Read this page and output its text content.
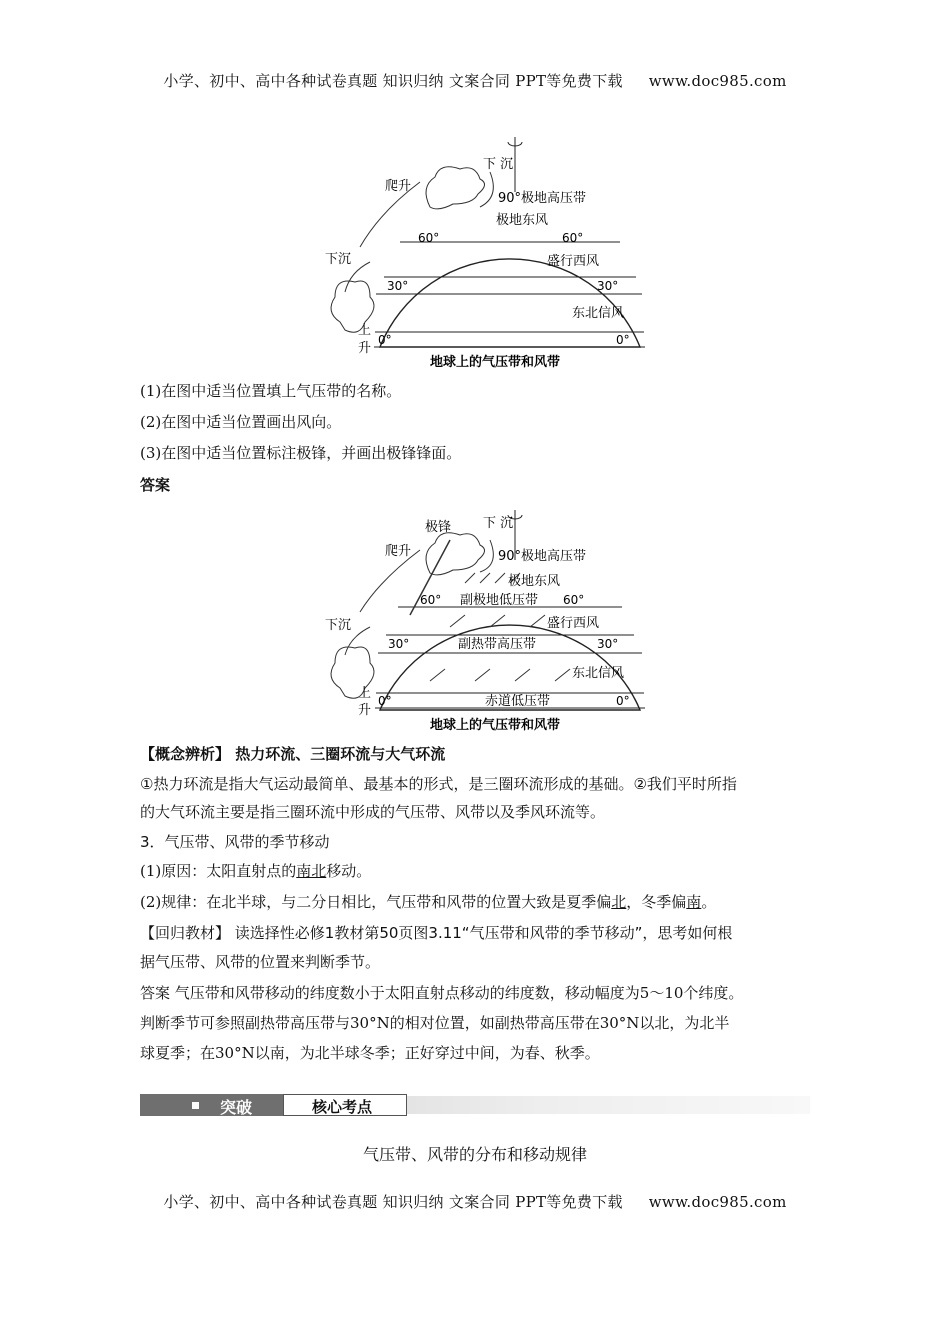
小学、初中、高中各种试卷真题 知识归纳 文案合同 PPT等免费下载 www.doc985.com
下 沉
爬升
90°极地高压带
极地东风
60°	60°
盛行西风
下沉
30°	30°
东北信风
上
升
0°	0°
地球上的气压带和风带
(1)在图中适当位置填上气压带的名称。
(2)在图中适当位置画出风向。
(3)在图中适当位置标注极锋，并画出极锋锋面。
答案
极锋 下 沉
爬升	90°极地高压带
极地东风
60° 副极地低压带 60°
盛行西风
下沉
30°	副热带高压带	30°
东北信风
上
升
0°	赤道低压带	0°
地球上的气压带和风带
【概念辨析】 热力环流、三圈环流与大气环流
①热力环流是指大气运动最简单、最基本的形式，是三圈环流形成的基础。②我们平时所指
的大气环流主要是指三圈环流中形成的气压带、风带以及季风环流等。
3．气压带、风带的季节移动
(1)原因：太阳直射点的南北移动。
(2)规律：在北半球，与二分日相比，气压带和风带的位置大致是夏季偏北，冬季偏南。
【回归教材】 读选择性必修1教材第50页图3.11“气压带和风带的季节移动”，思考如何根
据气压带、风带的位置来判断季节。
答案 气压带和风带移动的纬度数小于太阳直射点移动的纬度数，移动幅度为5～10个纬度。
判断季节可参照副热带高压带与30°N的相对位置，如副热带高压带在30°N以北，为北半
球夏季；在30°N以南，为北半球冬季；正好穿过中间，为春、秋季。
突破	核心考点
气压带、风带的分布和移动规律
小学、初中、高中各种试卷真题 知识归纳 文案合同 PPT等免费下载 www.doc985.com
